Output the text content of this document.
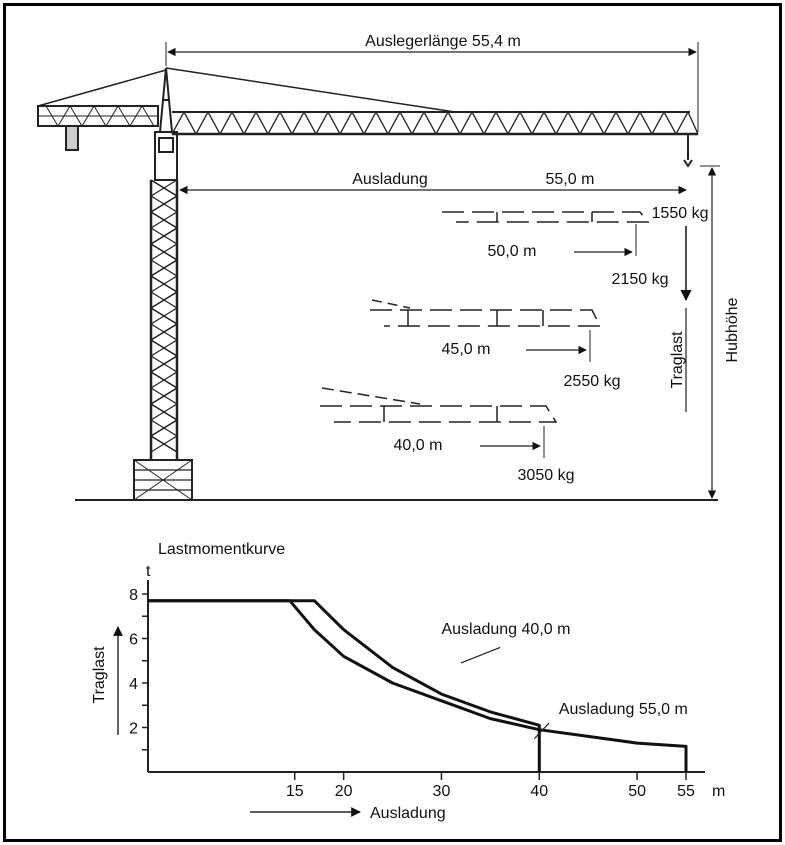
Auslegerlänge 55,4 m
Ausladung	55,0 m
Hubhöhe
Traglast
50,0 m
1550 kg
2150 kg
45,0 m
2550 kg
40,0 m
3050 kg
Lastmomentkurve
t
m
Traglast
Ausladung
15 20	30	40	50 55
2
4
6
8
Ausladung 40,0 m
Ausladung 55,0 m
